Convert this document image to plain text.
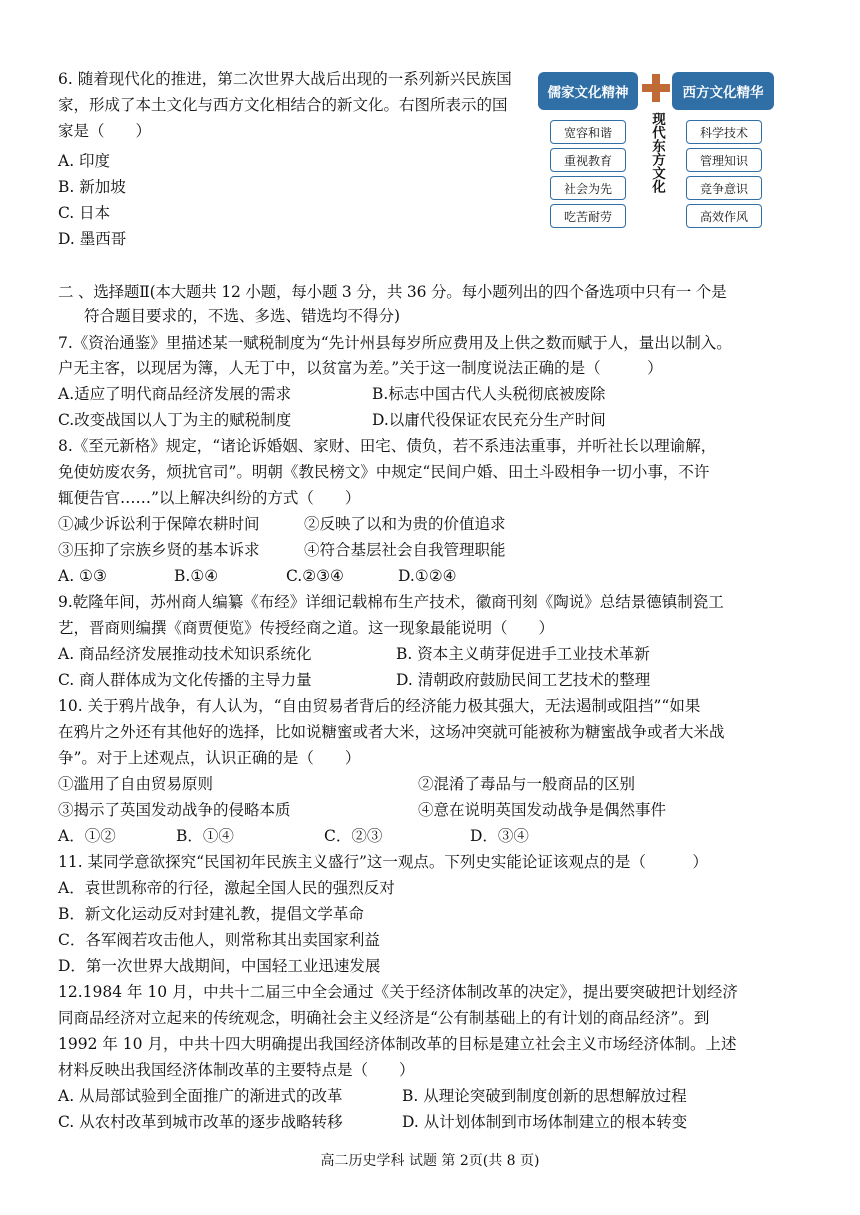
6. 随着现代化的推进，第二次世界大战后出现的一系列新兴民族国家，形成了本土文化与西方文化相结合的新文化。右图所表示的国家是（　　）
A. 印度
B. 新加坡
C. 日本
D. 墨西哥
儒家文化精神	西方文化精华
现代东方文化
宽容和谐
重视教育
社会为先
吃苦耐劳
科学技术
管理知识
竞争意识
高效作风
二 、选择题Ⅱ(本大题共 12 小题，每小题 3 分，共 36 分。每小题列出的四个备选项中只有一 个是
符合题目要求的，不选、多选、错选均不得分)
7.《资治通鉴》里描述某一赋税制度为“先计州县每岁所应费用及上供之数而赋于人，量出以制入。
户无主客，以现居为簿，人无丁中，以贫富为差。”关于这一制度说法正确的是（　　　）
A.适应了明代商品经济发展的需求	B.标志中国古代人头税彻底被废除
C.改变战国以人丁为主的赋税制度	D.以庸代役保证农民充分生产时间
8.《至元新格》规定，“诸论诉婚姻、家财、田宅、债负，若不系违法重事，并听社长以理谕解，
免使妨废农务，烦扰官司”。明朝《教民榜文》中规定“民间户婚、田土斗殴相争一切小事，不许
辄便告官……”以上解决纠纷的方式（　　）
①减少诉讼利于保障农耕时间	②反映了以和为贵的价值追求
③压抑了宗族乡贤的基本诉求	④符合基层社会自我管理职能
A. ①③	B.①④	C.②③④	D.①②④
9.乾隆年间，苏州商人编纂《布经》详细记载棉布生产技术，徽商刊刻《陶说》总结景德镇制瓷工
艺，晋商则编撰《商贾便览》传授经商之道。这一现象最能说明（　　）
A. 商品经济发展推动技术知识系统化	B. 资本主义萌芽促进手工业技术革新
C. 商人群体成为文化传播的主导力量	D. 清朝政府鼓励民间工艺技术的整理
10. 关于鸦片战争，有人认为，“自由贸易者背后的经济能力极其强大，无法遏制或阻挡”“如果
在鸦片之外还有其他好的选择，比如说糖蜜或者大米，这场冲突就可能被称为糖蜜战争或者大米战
争”。对于上述观点，认识正确的是（　　）
①滥用了自由贸易原则	②混淆了毒品与一般商品的区别
③揭示了英国发动战争的侵略本质	④意在说明英国发动战争是偶然事件
A．①②	B．①④	C．②③	D．③④
11. 某同学意欲探究“民国初年民族主义盛行”这一观点。下列史实能论证该观点的是（　　　）
A．袁世凯称帝的行径，激起全国人民的强烈反对
B．新文化运动反对封建礼教，提倡文学革命
C．各军阀若攻击他人，则常称其出卖国家利益
D．第一次世界大战期间，中国轻工业迅速发展
12.1984 年 10 月，中共十二届三中全会通过《关于经济体制改革的决定》，提出要突破把计划经济
同商品经济对立起来的传统观念，明确社会主义经济是“公有制基础上的有计划的商品经济”。到
1992 年 10 月，中共十四大明确提出我国经济体制改革的目标是建立社会主义市场经济体制。上述
材料反映出我国经济体制改革的主要特点是（　　）
A. 从局部试验到全面推广的渐进式的改革	B. 从理论突破到制度创新的思想解放过程
C. 从农村改革到城市改革的逐步战略转移	D. 从计划体制到市场体制建立的根本转变
高二历史学科 试题 第 2页(共 8 页)
